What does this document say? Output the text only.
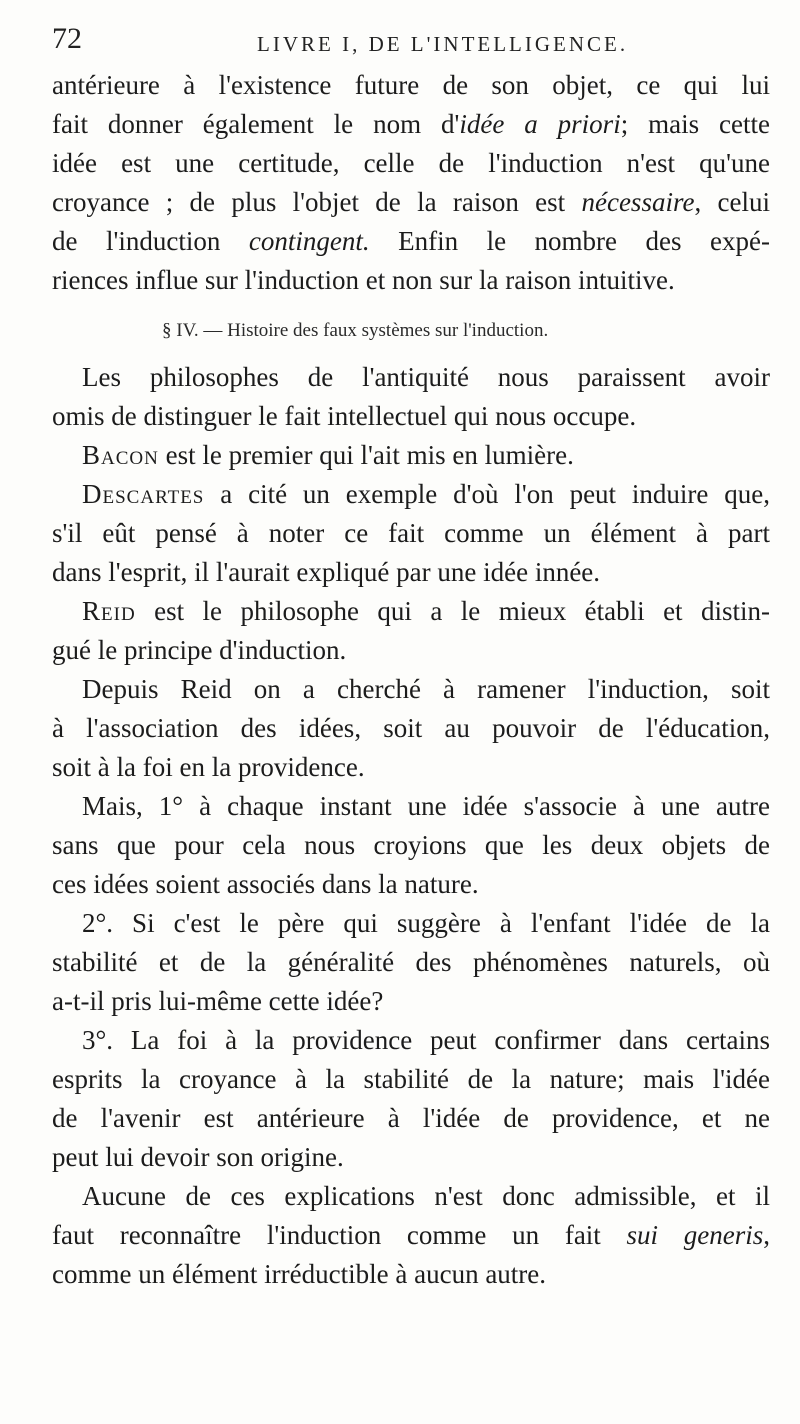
72	LIVRE I, DE L'INTELLIGENCE.
antérieure à l'existence future de son objet, ce qui lui
fait donner également le nom d'idée a priori; mais cette
idée est une certitude, celle de l'induction n'est qu'une
croyance ; de plus l'objet de la raison est nécessaire, celui
de l'induction contingent. Enfin le nombre des expé-
riences influe sur l'induction et non sur la raison intuitive.
§ IV. — Histoire des faux systèmes sur l'induction.
Les philosophes de l'antiquité nous paraissent avoir
omis de distinguer le fait intellectuel qui nous occupe.
Bacon est le premier qui l'ait mis en lumière.
Descartes a cité un exemple d'où l'on peut induire que,
s'il eût pensé à noter ce fait comme un élément à part
dans l'esprit, il l'aurait expliqué par une idée innée.
Reid est le philosophe qui a le mieux établi et distin-
gué le principe d'induction.
Depuis Reid on a cherché à ramener l'induction, soit
à l'association des idées, soit au pouvoir de l'éducation,
soit à la foi en la providence.
Mais, 1° à chaque instant une idée s'associe à une autre
sans que pour cela nous croyions que les deux objets de
ces idées soient associés dans la nature.
2°. Si c'est le père qui suggère à l'enfant l'idée de la
stabilité et de la généralité des phénomènes naturels, où
a-t-il pris lui-même cette idée?
3°. La foi à la providence peut confirmer dans certains
esprits la croyance à la stabilité de la nature; mais l'idée
de l'avenir est antérieure à l'idée de providence, et ne
peut lui devoir son origine.
Aucune de ces explications n'est donc admissible, et il
faut reconnaître l'induction comme un fait sui generis,
comme un élément irréductible à aucun autre.
